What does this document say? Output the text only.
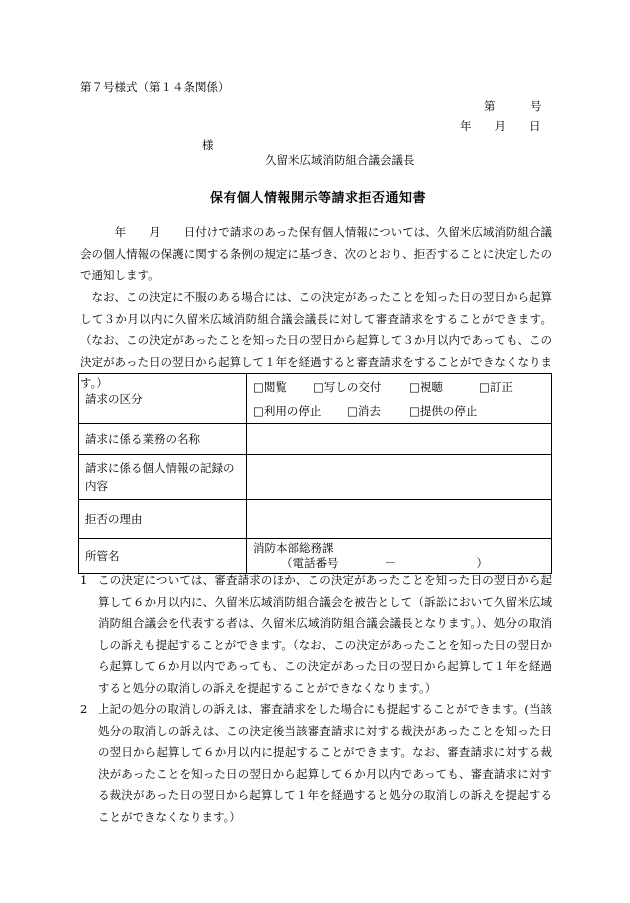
第７号様式（第１４条関係）
第　　　号
年　　月　　日
様
久留米広域消防組合議会議長
保有個人情報開示等請求拒否通知書
　　　年　　月　　日付けで請求のあった保有個人情報については、久留米広域消防組合議会の個人情報の保護に関する条例の規定に基づき、次のとおり、拒否することに決定したので通知します。
　なお、この決定に不服のある場合には、この決定があったことを知った日の翌日から起算して３か月以内に久留米広域消防組合議会議長に対して審査請求をすることができます。（なお、この決定があったことを知った日の翌日から起算して３か月以内であっても、この決定があった日の翌日から起算して１年を経過すると審査請求をすることができなくなります。）
請求の区分	□閲覧 □写しの交付 □視聴 □訂正
□利用の停止 □消去 □提供の停止

請求に係る業務の名称	
請求に係る個人情報の記録の内容	
拒否の理由	
所管名	消防本部総務課
（電話番号　　　　－　　　　　　　）
1 この決定については、審査請求のほか、この決定があったことを知った日の翌日から起算して６か月以内に、久留米広域消防組合議会を被告として（訴訟において久留米広域消防組合議会を代表する者は、久留米広域消防組合議会議長となります。）、処分の取消しの訴えも提起することができます。（なお、この決定があったことを知った日の翌日から起算して６か月以内であっても、この決定があった日の翌日から起算して１年を経過すると処分の取消しの訴えを提起することができなくなります。）
2 上記の処分の取消しの訴えは、審査請求をした場合にも提起することができます。(当該処分の取消しの訴えは、この決定後当該審査請求に対する裁決があったことを知った日の翌日から起算して６か月以内に提起することができます。なお、審査請求に対する裁決があったことを知った日の翌日から起算して６か月以内であっても、審査請求に対する裁決があった日の翌日から起算して１年を経過すると処分の取消しの訴えを提起することができなくなります。）
